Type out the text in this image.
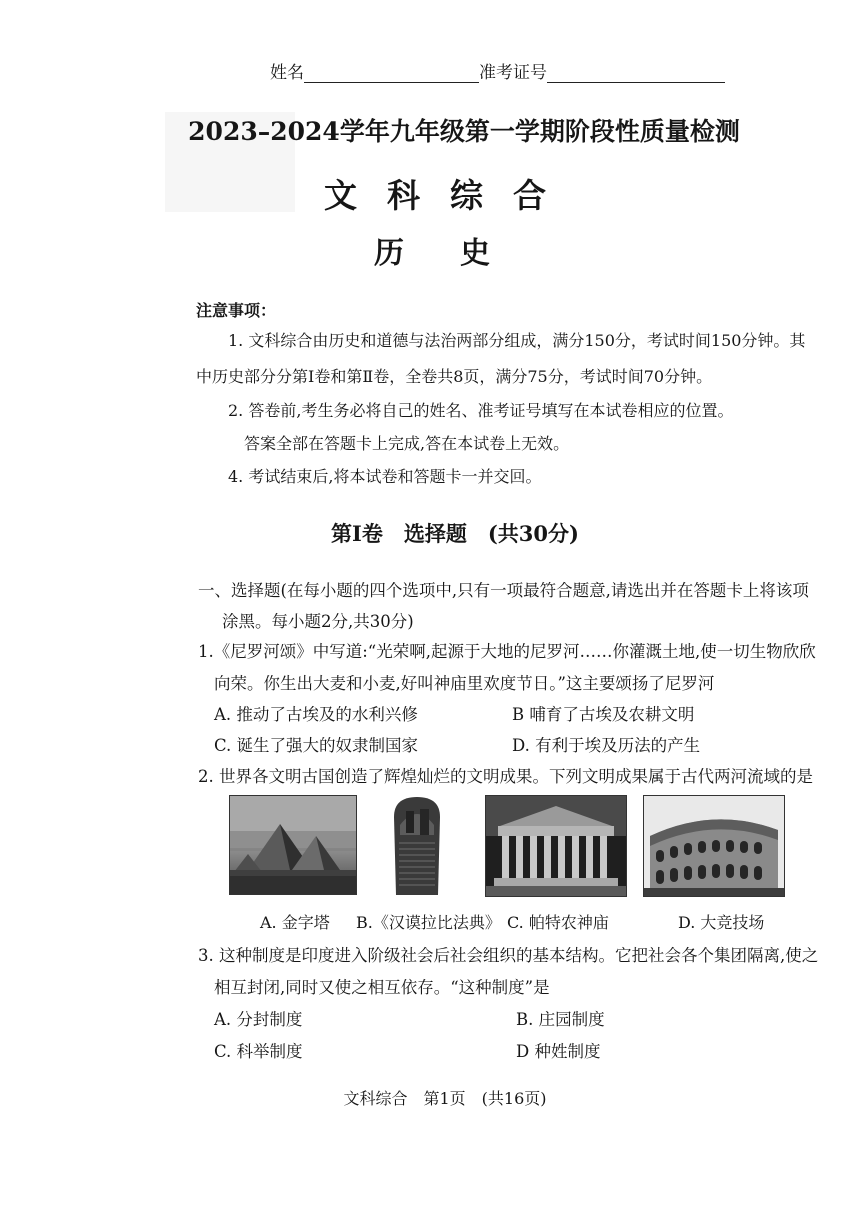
姓名	准考证号
2023–2024学年九年级第一学期阶段性质量检测
文科综合
历史
注意事项：
1. 文科综合由历史和道德与法治两部分组成，满分150分，考试时间150分钟。其
中历史部分分第Ⅰ卷和第Ⅱ卷，全卷共8页，满分75分，考试时间70分钟。
2. 答卷前,考生务必将自己的姓名、准考证号填写在本试卷相应的位置。
答案全部在答题卡上完成,答在本试卷上无效。
4. 考试结束后,将本试卷和答题卡一并交回。
第Ⅰ卷　选择题　(共30分)
一、选择题(在每小题的四个选项中,只有一项最符合题意,请选出并在答题卡上将该项
涂黑。每小题2分,共30分)
1.《尼罗河颂》中写道:“光荣啊,起源于大地的尼罗河……你灌溉土地,使一切生物欣欣
向荣。你生出大麦和小麦,好叫神庙里欢度节日。”这主要颂扬了尼罗河
A. 推动了古埃及的水利兴修	B 哺育了古埃及农耕文明
C. 诞生了强大的奴隶制国家	D. 有利于埃及历法的产生
2. 世界各文明古国创造了辉煌灿烂的文明成果。下列文明成果属于古代两河流域的是
A. 金字塔 B.《汉谟拉比法典》 C. 帕特农神庙	D. 大竞技场
3. 这种制度是印度进入阶级社会后社会组织的基本结构。它把社会各个集团隔离,使之
相互封闭,同时又使之相互依存。“这种制度”是
A. 分封制度	B. 庄园制度
C. 科举制度	D 种姓制度
文科综合　第1页　(共16页)
